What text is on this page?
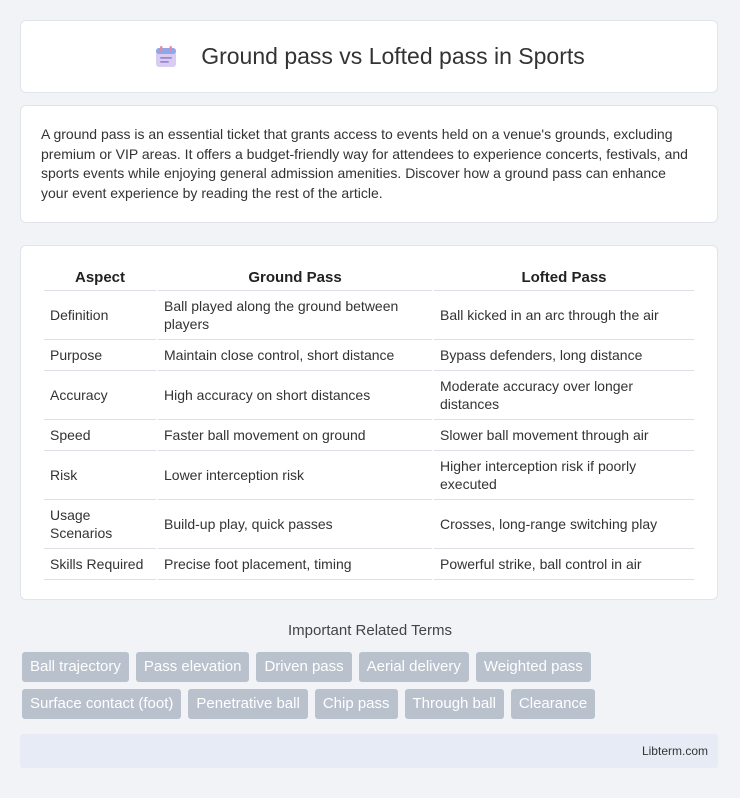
Ground pass vs Lofted pass in Sports

A ground pass is an essential ticket that grants access to events held on a venue's grounds, excluding premium or VIP areas. It offers a budget-friendly way for attendees to experience concerts, festivals, and sports events while enjoying general admission amenities. Discover how a ground pass can enhance your event experience by reading the rest of the article.

Aspect	Ground Pass	Lofted Pass
Definition	Ball played along the ground between players	Ball kicked in an arc through the air
Purpose	Maintain close control, short distance	Bypass defenders, long distance
Accuracy	High accuracy on short distances	Moderate accuracy over longer distances
Speed	Faster ball movement on ground	Slower ball movement through air
Risk	Lower interception risk	Higher interception risk if poorly executed
Usage Scenarios	Build-up play, quick passes	Crosses, long-range switching play
Skills Required	Precise foot placement, timing	Powerful strike, ball control in air
Important Related Terms
Ball trajectory	Pass elevation	Driven pass	Aerial delivery	Weighted pass
Surface contact (foot)	Penetrative ball	Chip pass	Through ball	Clearance
Libterm.com
